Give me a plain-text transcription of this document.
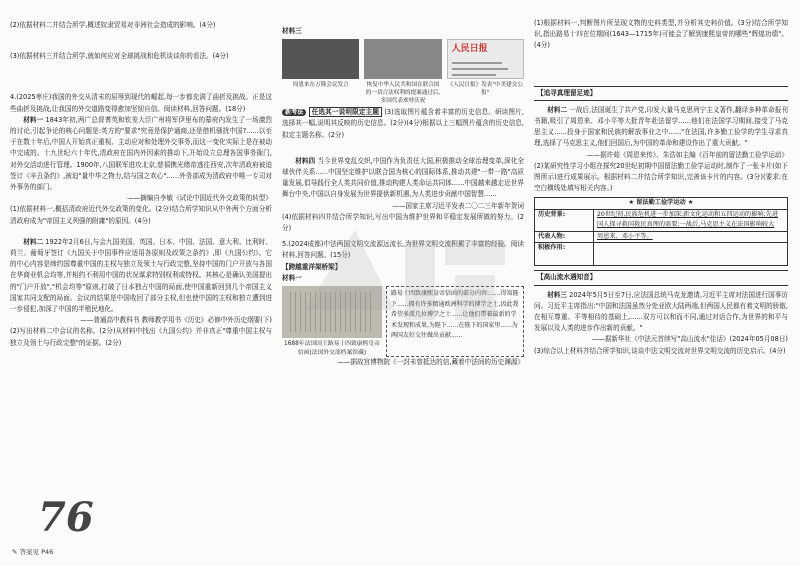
(2)依据材料二并结合所学,概述奴隶贸易对非洲社会造成的影响。(4分)

(3)依据材料三并结合所学,就如何应对全球挑战和危机谈谈你的看法。(4分)

4.(2025枣庄)我国的外交从清末的屈辱到现代的崛起,每一步都充满了曲折及挑战。正是这些曲折及挑战,让我国的外交道路变得愈加坚韧自信。阅读材料,回答问题。(18分)

材料一 1843年初,两广总督耆英和钦差大臣广州将军伊里布的幕府内发生了一场激烈的讨论,引起争论的核心问题是:英方的"要求"究竟是保护通商,还是借机骚扰中国?......以至于在数十年后,中国人开始真正重视、主动应对和处理外交事务,而这一变化实际上是在被动中完成的。十九世纪六十年代,清政府在国内外因素的推动下,开始设立总理各国事务衙门,对外交活动进行管理。1900年,八国联军进攻北京,慈禧携光绪帝逃往西安,次年清政府被迫签订《辛丑条约》,被迫"量中华之物力,结与国之欢心"......外务部成为清政府中唯一专司对外事务的部门。

——摘编自李敏《试论中国近代外交政策的转型》

(1)依据材料一,概括清政府近代外交政策的变化。(2分)结合所学知识从中外两个方面分析清政府成为"帝国主义列强的附庸"的原因。(4分)

材料二 1922年2月6日,与会九国美国、英国、日本、中国、法国、意大利、比利时、荷兰、葡萄牙签订《九国关于中国事件应适用各原则及政策之条约》,即《九国公约》。它的中心内容是缔约国尊重中国的主权与独立及领土与行政完整,坚持中国的门户开放与各国在华商业机会均等,并相约不利用中国的状况谋求特别权利或特权。其核心是确认美国提出的"门户开放","机会均等"原则,打破了日本独占中国的局面,使中国重新回到几个帝国主义国家共同支配的局面。会议的结果是中国收回了部分主权,但也使中国的主权和独立遭到进一步侵犯,加深了中国的半殖民地化。

——普通高中教科书 教师教学用书《历史》必修中外历史纲要(下)

(2)写出材料二中会议的名称。(2分)从材料中找出《九国公约》并非真正"尊重中国主权与独立及领土与行政完整"的证据。(2分)

76
✎ 答案见 P46

材料三

周恩来在万隆会议发言	恢复中华人民共和国在联合国的一切合法权利的提案通过后,多国代表欢呼庆祝
人民日报
《人民日报》发表"中美建交公报"

新考法 任选其一说明限定主题 (3)选取图片蕴含着丰富的历史信息。研读图片,选择其一幅,说明其反映的历史信息。(2分)(4分)根据以上三幅图片蕴含的历史信息,拟定主题名称。(2分)

材料四 当今世界变乱交织,中国作为负责任大国,积极推动全球治理变革,深化全球伙伴关系......中国坚定维护以联合国为核心的国际体系,推动共建"一带一路"高质量发展,倡导践行全人类共同价值,推动构建人类命运共同体......中国越来越走近世界舞台中央,中国以自身发展为世界提供新机遇,为人类进步贡献中国智慧......

——国家主席习近平发表二〇二三年新年贺词

(4)依据材料四并结合所学知识,写出中国为维护世界和平稳定发展所做的努力。(2分)

5.(2024成都)中法两国文明交流源远流长,为世界文明交流积累了丰富的经验。阅读材料,回答问题。(15分)

【跨越重洋架桥梁】

材料一

1688年法国国王路易十四致康熙皇帝信函(法国外交部档案馆藏)
路易十四致康熙皇帝信函的部分内容:......得知陛下......拥有许多精通欧洲科学的博学之士,因此我希望多派几位博学之士......让他们带着最新的学术发现和成果,为陛下......在陛下的国家里......为两国友好交往做出贡献......

——据故宫博物院《一封未曾抵达的信,藏着中法间的历史渊源》

(1)根据材料一,判断图片所呈现文物的史料类型,并分析其史料价值。(3分)结合所学知识,指出路易十四在位期间(1643—1715年)可能会了解到康熙皇帝的哪些"辉煌功绩"。(4分)

【追寻真理留足迹】

材料二 一战后,法国诞生了共产党,印发大量马克思列宁主义著作,翻译多种革命报刊书籍,吸引了周恩来、邓小平等大批青年赴法留学......他们在法国学习期间,接受了马克思主义......投身于国家和民族的解放事业之中......"在法国,许多勤工俭学的学生寻求真理,选择了马克思主义,他们回国后,为中国的革命和建设作出了重大贡献。"

——据许茹《周恩来传》、朱浩如主编《百年前的留法勤工俭学运动》

(2)某研究性学习小组在探究20世纪初期中国留法勤工俭学运动时,制作了一张卡片(如下图所示)进行成果展示。根据材料二并结合所学知识,完善该卡片的内容。(3分)(要求:在空白横线处填写相关内容。)

★ 留法勤工俭学运动 ★
历史背景:	20世纪初,民族危机进一步加深;新文化运动和五四运动的影响;先进国人探寻救国救民真理的需要;一战后,马克思主义在法国影响较大
代表人物:	周恩来、邓小平等。
积极作用:
【高山流水遇知音】

材料三 2024年5月5日至7日,应法国总统马克龙邀请,习近平主席对法国进行国事访问。习近平主席指出:"中国和法国虽然分处亚欧大陆两端,但两国人民都有着文明的骄傲,在相互尊重、平等相待的基础上,......双方可以和而不同,通过对话合作,为世界的和平与发展以及人类的进步作出新的贡献。"

——据新华社《中法元首续写"高山流水"佳话》(2024年05月08日)

(3)综合以上材料并结合所学知识,谈谈中法文明交流对世界文明交流的历史启示。(4分)
